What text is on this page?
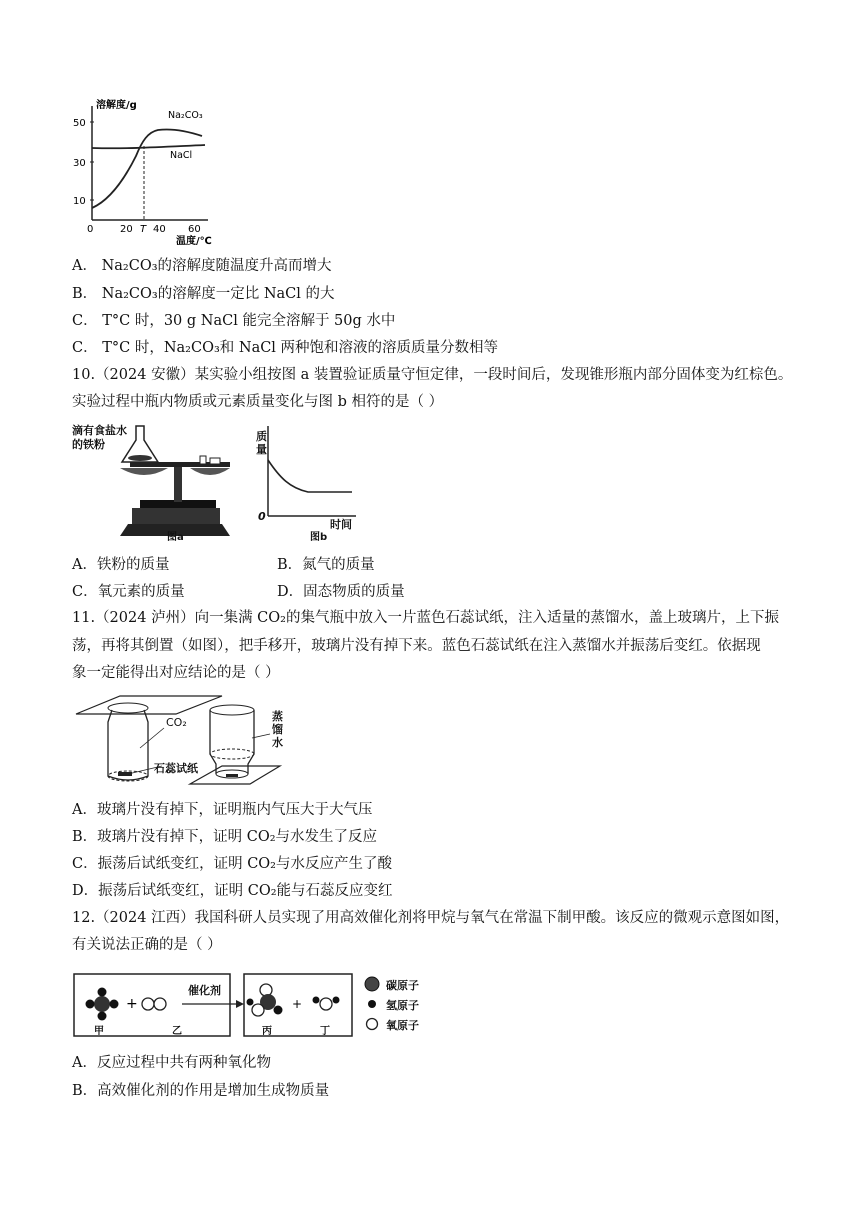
溶解度/g
50
30
10
0	20 T 40 60
温度/℃
Na₂CO₃
NaCl
A． Na₂CO₃的溶解度随温度升高而增大
B． Na₂CO₃的溶解度一定比 NaCl 的大
C． T°C 时，30 g NaCl 能完全溶解于 50g 水中
C． T°C 时，Na₂CO₃和 NaCl 两种饱和溶液的溶质质量分数相等
10.（2024 安徽）某实验小组按图 a 装置验证质量守恒定律，一段时间后，发现锥形瓶内部分固体变为红棕色。
实验过程中瓶内物质或元素质量变化与图 b 相符的是（ ）
滴有食盐水的铁粉
图a
质量
0
时间
图b
A．铁粉的质量	B．氮气的质量
C．氧元素的质量	D．固态物质的质量
11.（2024 泸州）向一集满 CO₂的集气瓶中放入一片蓝色石蕊试纸，注入适量的蒸馏水，盖上玻璃片，上下振
荡，再将其倒置（如图），把手移开，玻璃片没有掉下来。蓝色石蕊试纸在注入蒸馏水并振荡后变红。依据现
象一定能得出对应结论的是（ ）
CO₂	蒸馏水
石蕊试纸
A．玻璃片没有掉下，证明瓶内气压大于大气压
B．玻璃片没有掉下，证明 CO₂与水发生了反应
C．振荡后试纸变红，证明 CO₂与水反应产生了酸
D．振荡后试纸变红，证明 CO₂能与石蕊反应变红
12.（2024 江西）我国科研人员实现了用高效催化剂将甲烷与氧气在常温下制甲酸。该反应的微观示意图如图，
有关说法正确的是（ ）
+	+
催化剂
甲	乙	丙	丁
碳原子
氢原子
氧原子
A．反应过程中共有两种氧化物
B．高效催化剂的作用是增加生成物质量
